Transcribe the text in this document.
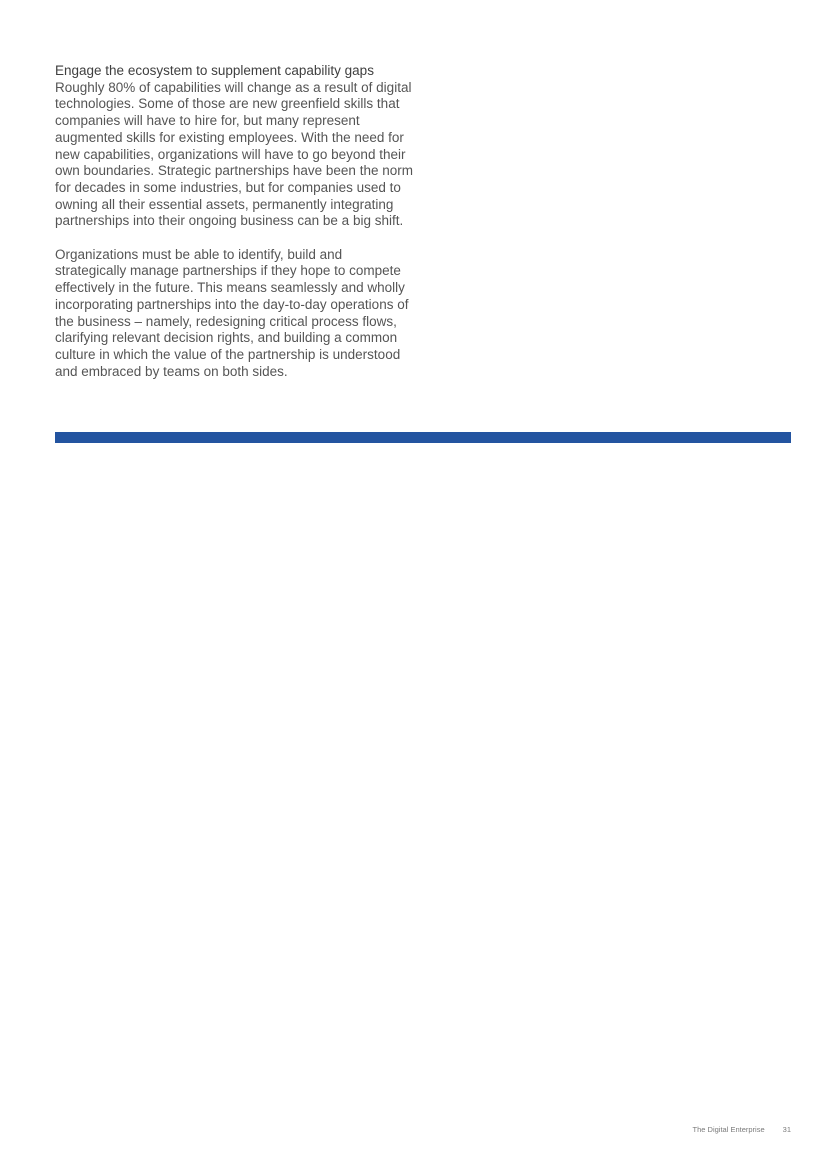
Engage the ecosystem to supplement capability gaps

Roughly 80% of capabilities will change as a result of digital technologies. Some of those are new greenfield skills that companies will have to hire for, but many represent augmented skills for existing employees. With the need for new capabilities, organizations will have to go beyond their own boundaries. Strategic partnerships have been the norm for decades in some industries, but for companies used to owning all their essential assets, permanently integrating partnerships into their ongoing business can be a big shift.

Organizations must be able to identify, build and strategically manage partnerships if they hope to compete effectively in the future. This means seamlessly and wholly incorporating partnerships into the day-to-day operations of the business – namely, redesigning critical process flows, clarifying relevant decision rights, and building a common culture in which the value of the partnership is understood and embraced by teams on both sides.

The Digital Enterprise 31
